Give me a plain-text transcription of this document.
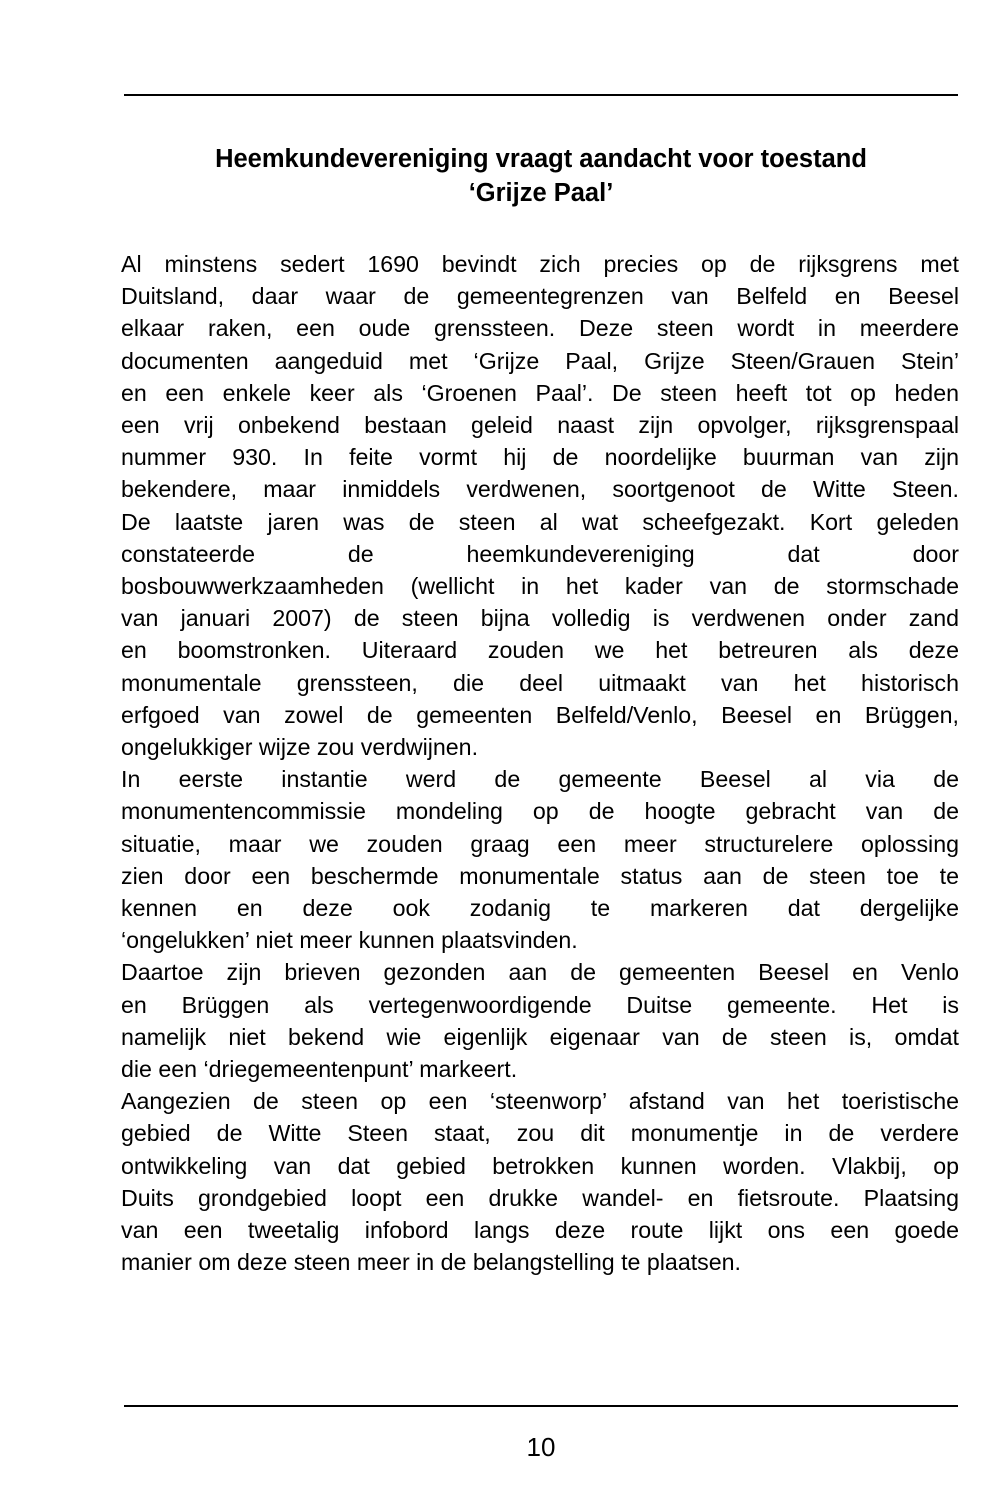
Heemkundevereniging vraagt aandacht voor toestand
‘Grijze Paal’
Al minstens sedert 1690 bevindt zich precies op de rijksgrens met
Duitsland, daar waar de gemeentegrenzen van Belfeld en Beesel
elkaar raken, een oude grenssteen. Deze steen wordt in meerdere
documenten aangeduid met ‘Grijze Paal, Grijze Steen/Grauen Stein’
en een enkele keer als ‘Groenen Paal’. De steen heeft tot op heden
een vrij onbekend bestaan geleid naast zijn opvolger, rijksgrenspaal
nummer 930. In feite vormt hij de noordelijke buurman van zijn
bekendere, maar inmiddels verdwenen, soortgenoot de Witte Steen.
De laatste jaren was de steen al wat scheefgezakt. Kort geleden
constateerde de heemkundevereniging dat door
bosbouwwerkzaamheden (wellicht in het kader van de stormschade
van januari 2007) de steen bijna volledig is verdwenen onder zand
en boomstronken. Uiteraard zouden we het betreuren als deze
monumentale grenssteen, die deel uitmaakt van het historisch
erfgoed van zowel de gemeenten Belfeld/Venlo, Beesel en Brüggen,
ongelukkiger wijze zou verdwijnen.
In eerste instantie werd de gemeente Beesel al via de
monumentencommissie mondeling op de hoogte gebracht van de
situatie, maar we zouden graag een meer structurelere oplossing
zien door een beschermde monumentale status aan de steen toe te
kennen en deze ook zodanig te markeren dat dergelijke
‘ongelukken’ niet meer kunnen plaatsvinden.
Daartoe zijn brieven gezonden aan de gemeenten Beesel en Venlo
en Brüggen als vertegenwoordigende Duitse gemeente. Het is
namelijk niet bekend wie eigenlijk eigenaar van de steen is, omdat
die een ‘driegemeentenpunt’ markeert.
Aangezien de steen op een ‘steenworp’ afstand van het toeristische
gebied de Witte Steen staat, zou dit monumentje in de verdere
ontwikkeling van dat gebied betrokken kunnen worden. Vlakbij, op
Duits grondgebied loopt een drukke wandel- en fietsroute. Plaatsing
van een tweetalig infobord langs deze route lijkt ons een goede
manier om deze steen meer in de belangstelling te plaatsen.
10
